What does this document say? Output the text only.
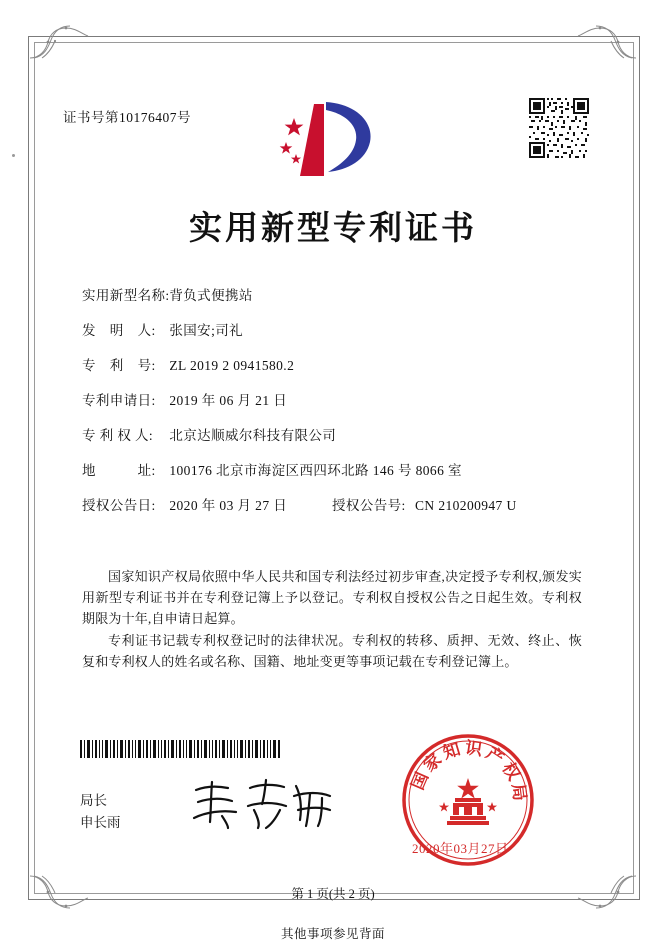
证书号第10176407号
实用新型专利证书
实用新型名称: 背负式便携站
发　明　人: 张国安;司礼
专　利　号: ZL 2019 2 0941580.2
专利申请日: 2019 年 06 月 21 日
专 利 权 人: 北京达顺威尔科技有限公司
地　　　址: 100176 北京市海淀区西四环北路 146 号 8066 室
授权公告日: 2020 年 03 月 27 日	授权公告号: CN 210200947 U
国家知识产权局依照中华人民共和国专利法经过初步审查,决定授予专利权,颁发实用新型专利证书并在专利登记簿上予以登记。专利权自授权公告之日起生效。专利权期限为十年,自申请日起算。
专利证书记载专利权登记时的法律状况。专利权的转移、质押、无效、终止、恢复和专利权人的姓名或名称、国籍、地址变更等事项记载在专利登记簿上。
局长
申长雨
国家知识产权局
2020年03月27日
第 1 页(共 2 页)
其他事项参见背面
